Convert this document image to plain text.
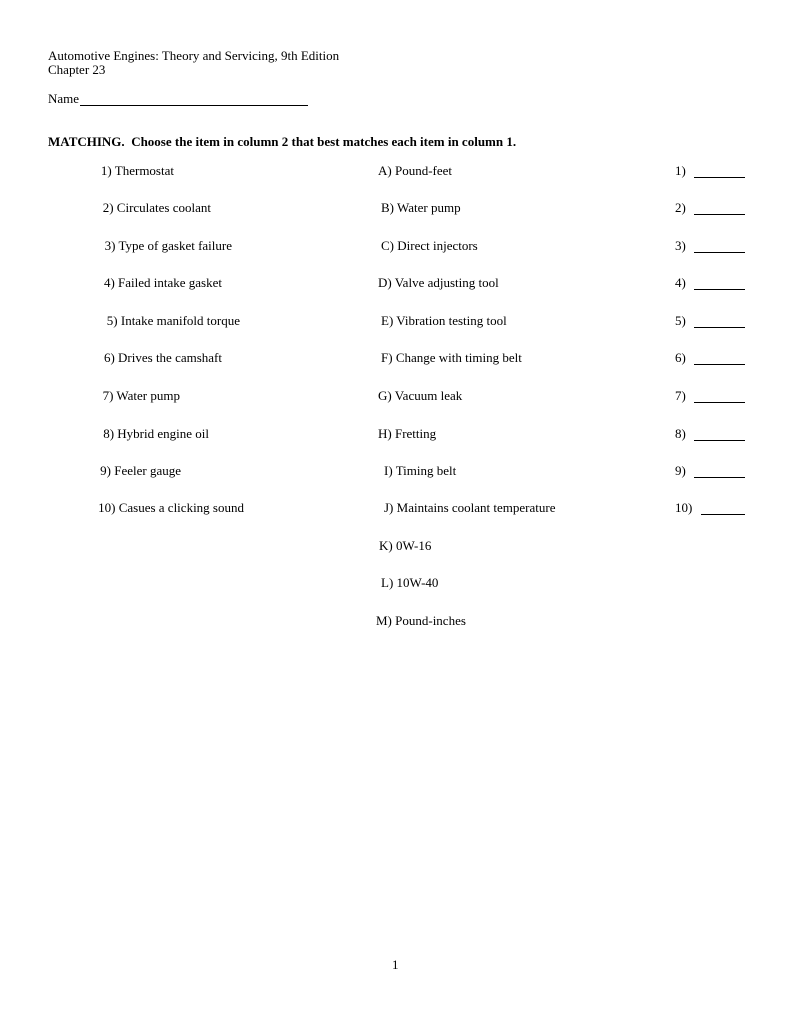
Automotive Engines: Theory and Servicing, 9th Edition
Chapter 23
Name
MATCHING. Choose the item in column 2 that best matches each item in column 1.
1) Thermostat
2) Circulates coolant
3) Type of gasket failure
4) Failed intake gasket
5) Intake manifold torque
6) Drives the camshaft
7) Water pump
8) Hybrid engine oil
9) Feeler gauge
10) Casues a clicking sound
A) Pound-feet
B) Water pump
C) Direct injectors
D) Valve adjusting tool
E) Vibration testing tool
F) Change with timing belt
G) Vacuum leak
H) Fretting
I) Timing belt
J) Maintains coolant temperature
K) 0W-16
L) 10W-40
M) Pound-inches
1)
2)
3)
4)
5)
6)
7)
8)
9)
10)
1
